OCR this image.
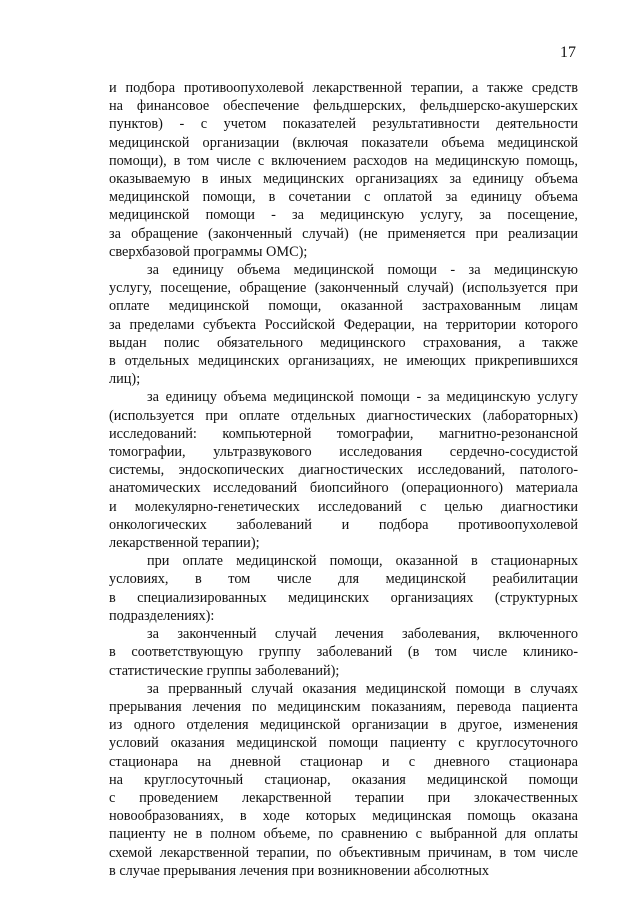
17

и подбора противоопухолевой лекарственной терапии, а также средств
на финансовое обеспечение фельдшерских, фельдшерско-акушерских
пунктов) - с учетом показателей результативности деятельности
медицинской организации (включая показатели объема медицинской
помощи), в том числе с включением расходов на медицинскую помощь,
оказываемую в иных медицинских организациях за единицу объема
медицинской помощи, в сочетании с оплатой за единицу объема
медицинской помощи - за медицинскую услугу, за посещение,
за обращение (законченный случай) (не применяется при реализации
сверхбазовой программы ОМС);

за единицу объема медицинской помощи - за медицинскую
услугу, посещение, обращение (законченный случай) (используется при
оплате медицинской помощи, оказанной застрахованным лицам
за пределами субъекта Российской Федерации, на территории которого
выдан полис обязательного медицинского страхования, а также
в отдельных медицинских организациях, не имеющих прикрепившихся
лиц);

за единицу объема медицинской помощи - за медицинскую услугу
(используется при оплате отдельных диагностических (лабораторных)
исследований: компьютерной томографии, магнитно-резонансной
томографии, ультразвукового исследования сердечно-сосудистой
системы, эндоскопических диагностических исследований, патолого-
анатомических исследований биопсийного (операционного) материала
и молекулярно-генетических исследований с целью диагностики
онкологических заболеваний и подбора противоопухолевой
лекарственной терапии);

при оплате медицинской помощи, оказанной в стационарных
условиях, в том числе для медицинской реабилитации
в специализированных медицинских организациях (структурных
подразделениях):

за законченный случай лечения заболевания, включенного
в соответствующую группу заболеваний (в том числе клинико-
статистические группы заболеваний);

за прерванный случай оказания медицинской помощи в случаях
прерывания лечения по медицинским показаниям, перевода пациента
из одного отделения медицинской организации в другое, изменения
условий оказания медицинской помощи пациенту с круглосуточного
стационара на дневной стационар и с дневного стационара
на круглосуточный стационар, оказания медицинской помощи
с проведением лекарственной терапии при злокачественных
новообразованиях, в ходе которых медицинская помощь оказана
пациенту не в полном объеме, по сравнению с выбранной для оплаты
схемой лекарственной терапии, по объективным причинам, в том числе
в случае прерывания лечения при возникновении абсолютных
